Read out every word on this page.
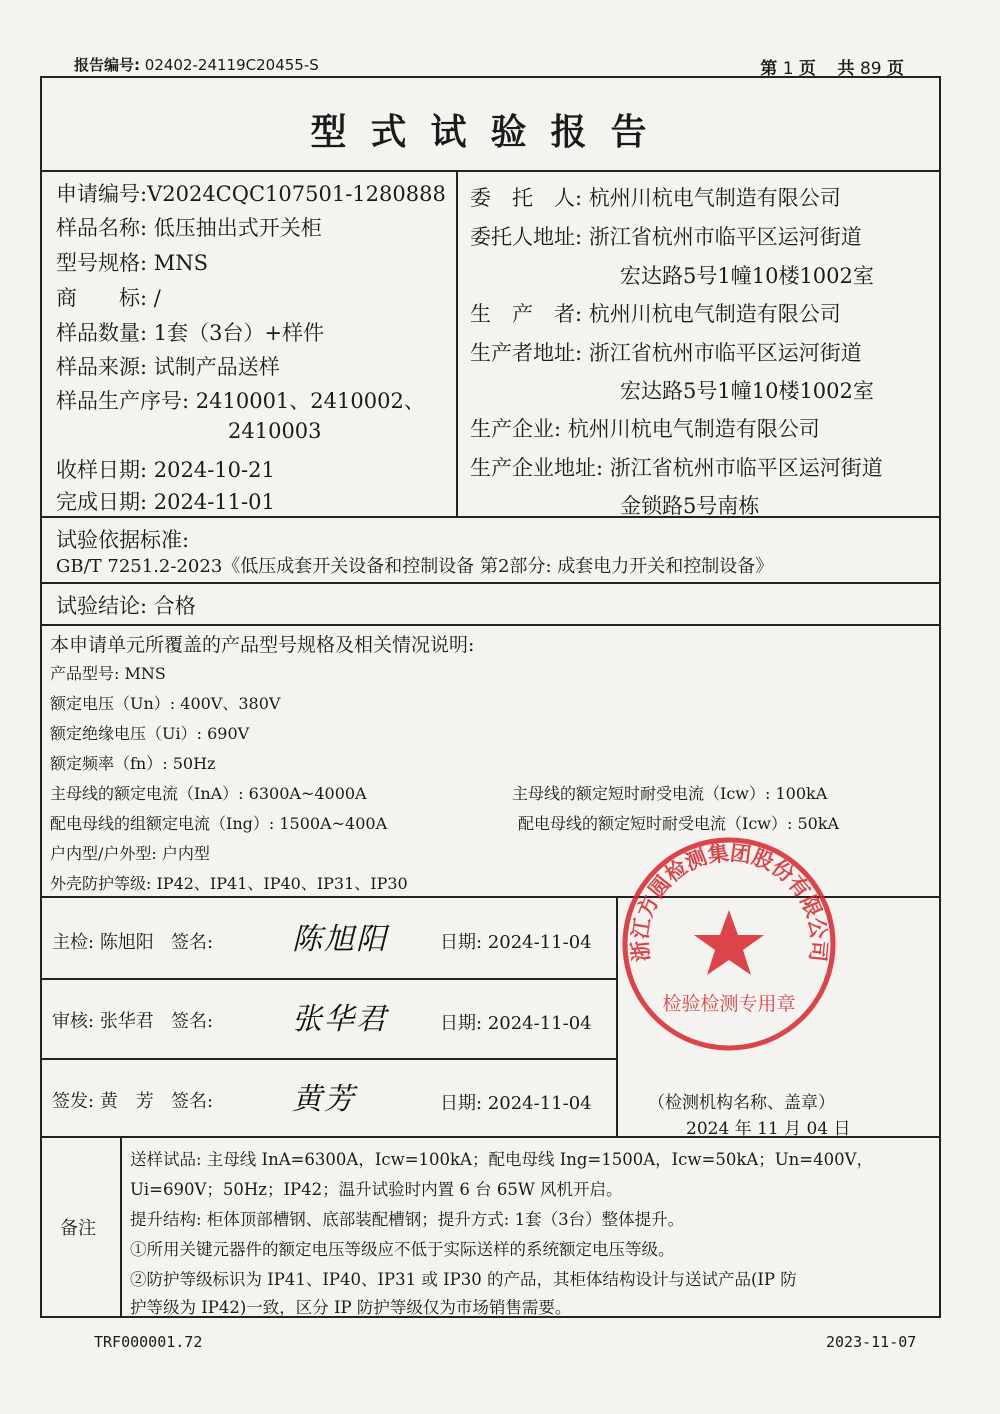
报告编号: 02402-24119C20455-S	第 1 页 共 89 页
型式试验报告
申请编号:V2024CQC107501-1280888
样品名称: 低压抽出式开关柜
型号规格: MNS
商　　标: /
样品数量: 1套（3台）+样件
样品来源: 试制产品送样
样品生产序号: 2410001、2410002、
2410003
收样日期: 2024-10-21
完成日期: 2024-11-01
委　托　人: 杭州川杭电气制造有限公司
委托人地址: 浙江省杭州市临平区运河街道
宏达路5号1幢10楼1002室
生　产　者: 杭州川杭电气制造有限公司
生产者地址: 浙江省杭州市临平区运河街道
宏达路5号1幢10楼1002室
生产企业: 杭州川杭电气制造有限公司
生产企业地址: 浙江省杭州市临平区运河街道
金锁路5号南栋
试验依据标准:
GB/T 7251.2-2023《低压成套开关设备和控制设备 第2部分: 成套电力开关和控制设备》
试验结论: 合格
本申请单元所覆盖的产品型号规格及相关情况说明:
产品型号: MNS
额定电压（Un）: 400V、380V
额定绝缘电压（Ui）: 690V
额定频率（fn）: 50Hz
主母线的额定电流（InA）: 6300A~4000A	主母线的额定短时耐受电流（Icw）: 100kA
配电母线的组额定电流（Ing）: 1500A~400A	配电母线的额定短时耐受电流（Icw）: 50kA
户内型/户外型: 户内型
外壳防护等级: IP42、IP41、IP40、IP31、IP30
主检: 陈旭阳 签名:	陈旭阳	日期: 2024-11-04
审核: 张华君 签名:	张华君	日期: 2024-11-04
签发: 黄　芳 签名:	黄芳	日期: 2024-11-04	（检测机构名称、盖章）
2024 年 11 月 04 日
备注
送样试品: 主母线 InA=6300A，Icw=100kA；配电母线 Ing=1500A，Icw=50kA；Un=400V，
Ui=690V；50Hz；IP42；温升试验时内置 6 台 65W 风机开启。
提升结构: 柜体顶部槽钢、底部装配槽钢；提升方式: 1套（3台）整体提升。
①所用关键元器件的额定电压等级应不低于实际送样的系统额定电压等级。
②防护等级标识为 IP41、IP40、IP31 或 IP30 的产品，其柜体结构设计与送试产品(IP 防
护等级为 IP42)一致，区分 IP 防护等级仅为市场销售需要。
浙江方圆检测集团股份有限公司
检验检测专用章
TRF000001.72	2023-11-07
